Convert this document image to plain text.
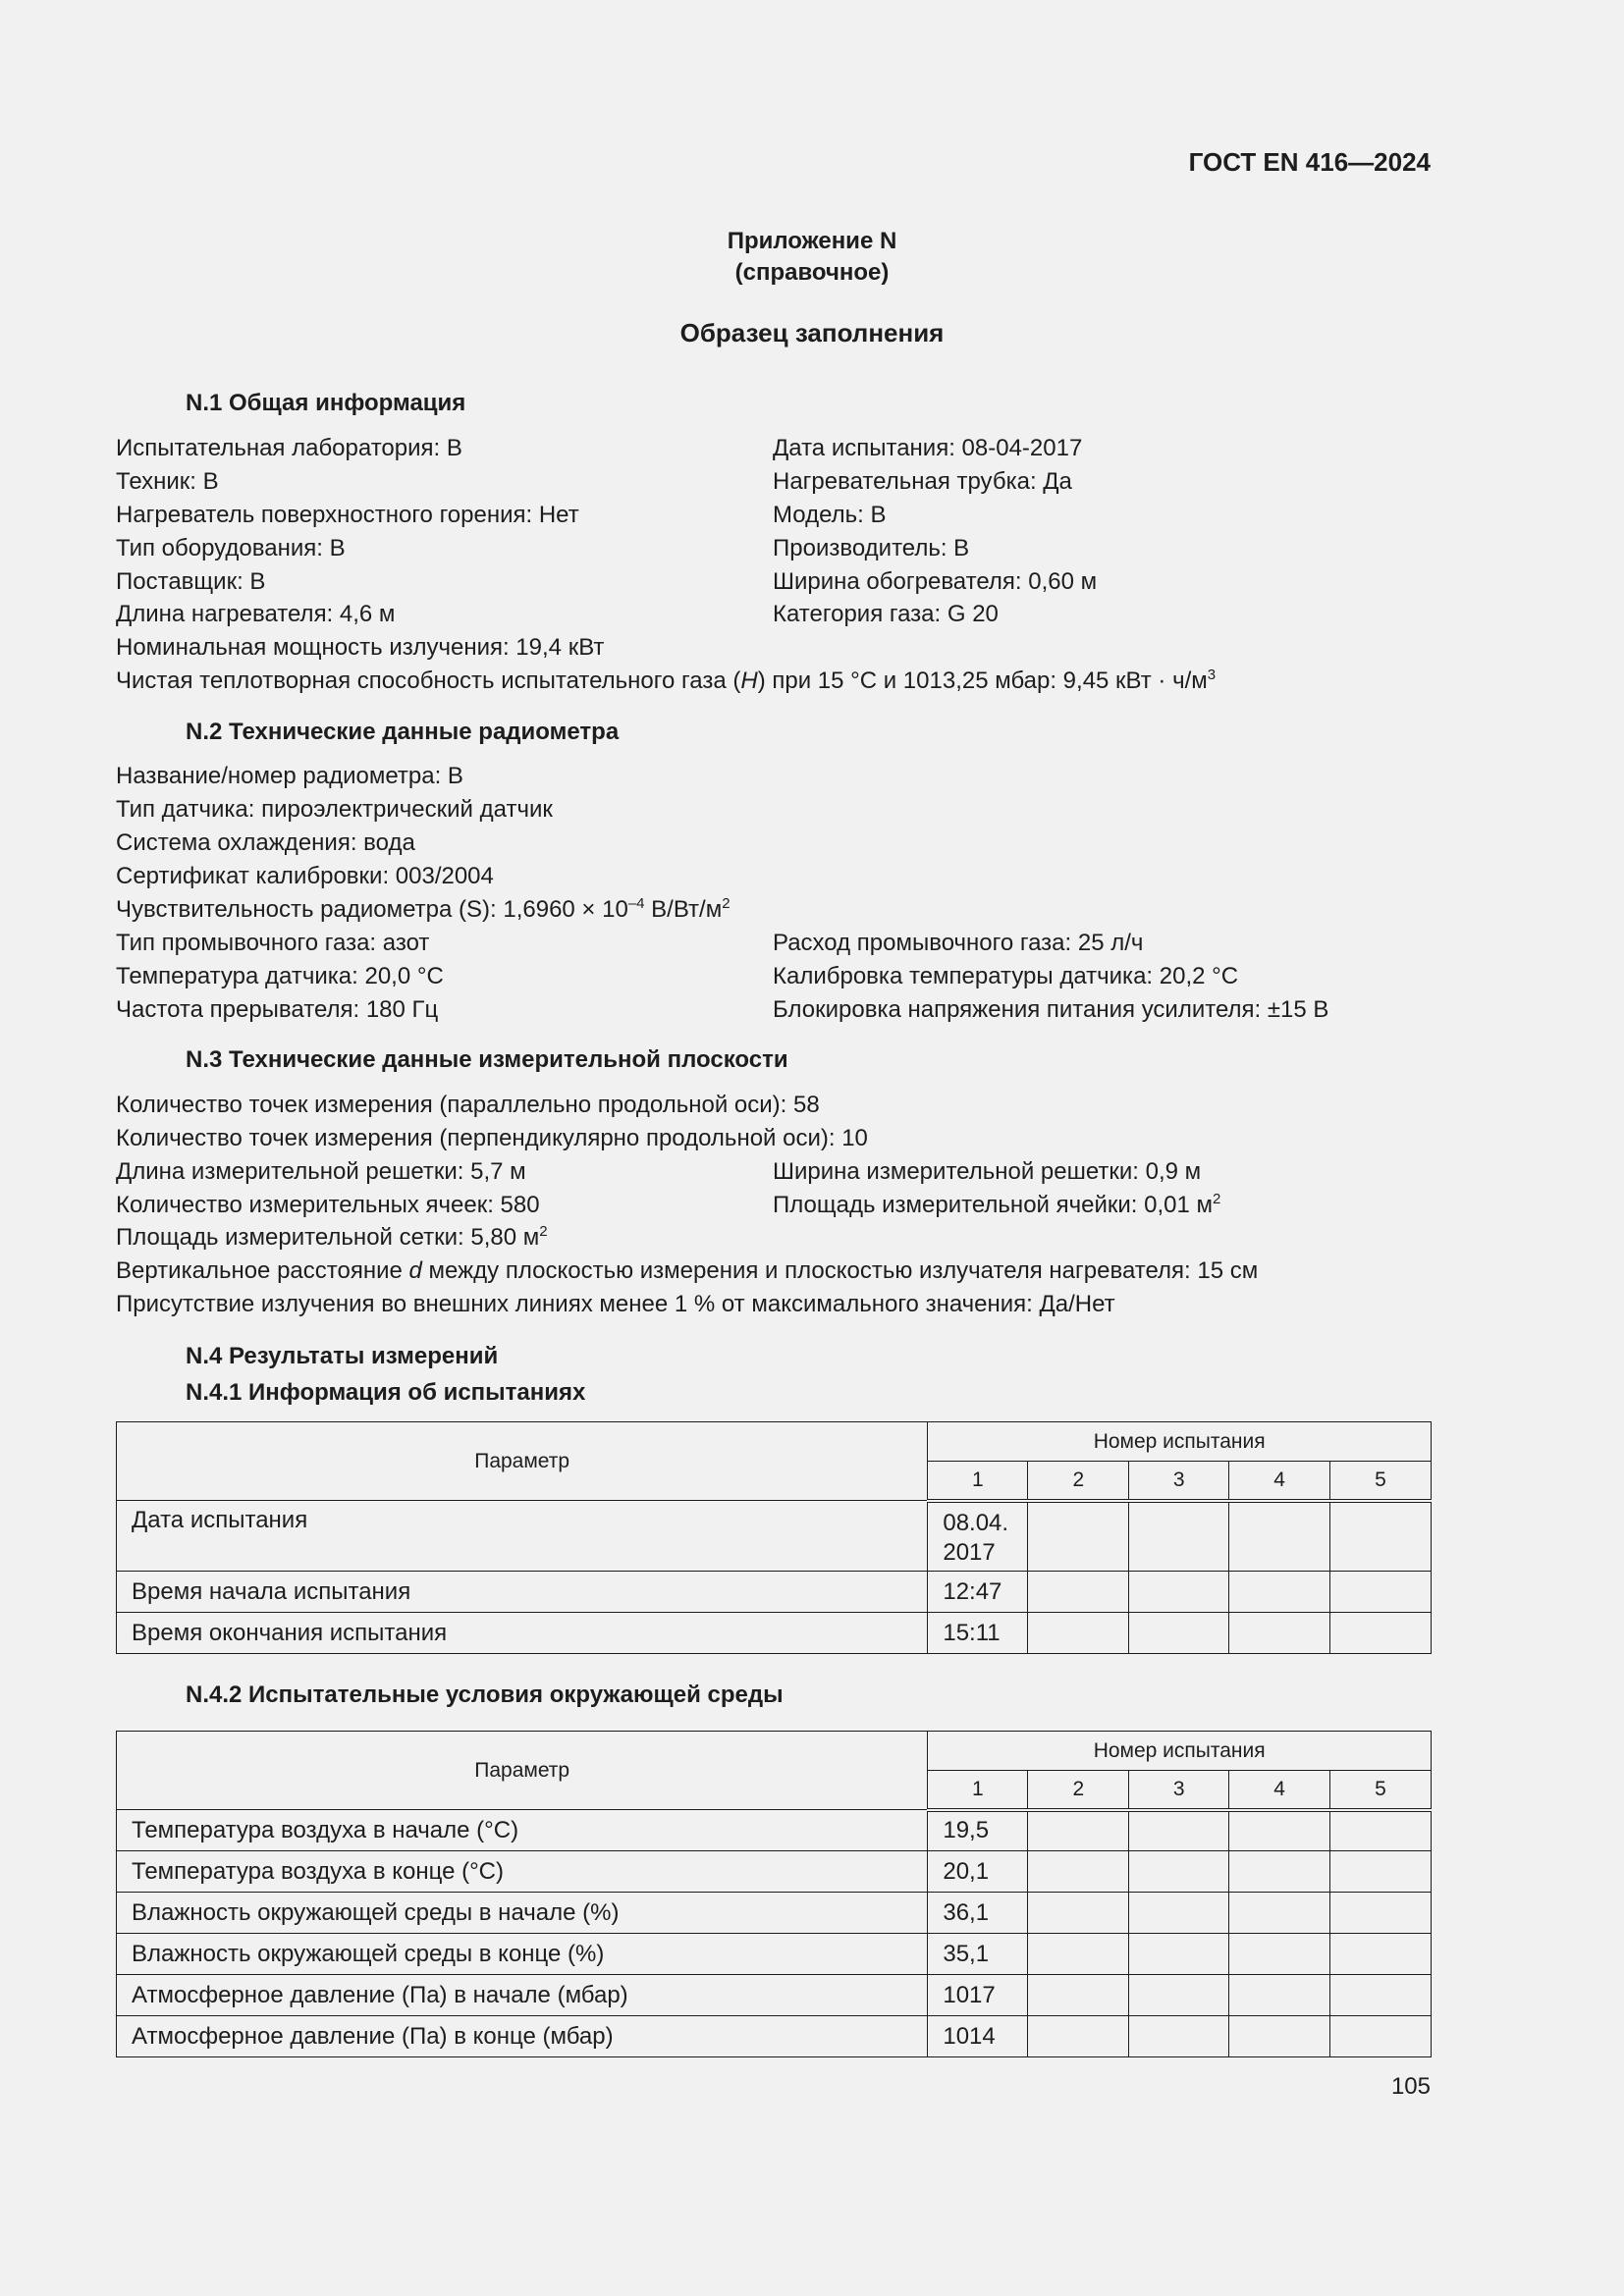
ГОСТ EN 416—2024
Приложение N
(справочное)
Образец заполнения
N.1 Общая информация
Испытательная лаборатория: В	Дата испытания: 08-04-2017
Техник: В	Нагревательная трубка: Да
Нагреватель поверхностного горения: Нет	Модель: В
Тип оборудования: В	Производитель: В
Поставщик: В	Ширина обогревателя: 0,60 м
Длина нагревателя: 4,6 м	Категория газа: G 20
Номинальная мощность излучения: 19,4 кВт
Чистая теплотворная способность испытательного газа (H) при 15 °C и 1013,25 мбар: 9,45 кВт · $ч/м^3$
N.2 Технические данные радиометра
Название/номер радиометра: В
Тип датчика: пироэлектрический датчик
Система охлаждения: вода
Сертификат калибровки: 003/2004
Чувствительность радиометра (S): $1,6960 \times 10^{-4}$ $В/Вт/м^2$
Тип промывочного газа: азот	Расход промывочного газа: 25 л/ч
Температура датчика: 20,0 °С	Калибровка температуры датчика: 20,2 °С
Частота прерывателя: 180 Гц	Блокировка напряжения питания усилителя: ±15 В
N.3 Технические данные измерительной плоскости
Количество точек измерения (параллельно продольной оси): 58
Количество точек измерения (перпендикулярно продольной оси): 10
Длина измерительной решетки: 5,7 м	Ширина измерительной решетки: 0,9 м
Количество измерительных ячеек: 580	Площадь измерительной ячейки: 0,01 $м^2$
Площадь измерительной сетки: 5,80 $м^2$
Вертикальное расстояние d между плоскостью измерения и плоскостью излучателя нагревателя: 15 см
Присутствие излучения во внешних линиях менее 1 % от максимального значения: Да/Нет
N.4 Результаты измерений
N.4.1 Информация об испытаниях
Параметр	Номер испытания				
	1	2	3	4	5
Дата испытания	08.04.
2017				

Время начала испытания	12:47				
Время окончания испытания	15:11				
N.4.2 Испытательные условия окружающей среды
Параметр	Номер испытания				
	1	2	3	4	5
Температура воздуха в начале (°С)	19,5				
Температура воздуха в конце (°С)	20,1				
Влажность окружающей среды в начале (%)	36,1				
Влажность окружающей среды в конце (%)	35,1				
Атмосферное давление (Па) в начале (мбар)	1017				
Атмосферное давление (Па) в конце (мбар)	1014				
105
